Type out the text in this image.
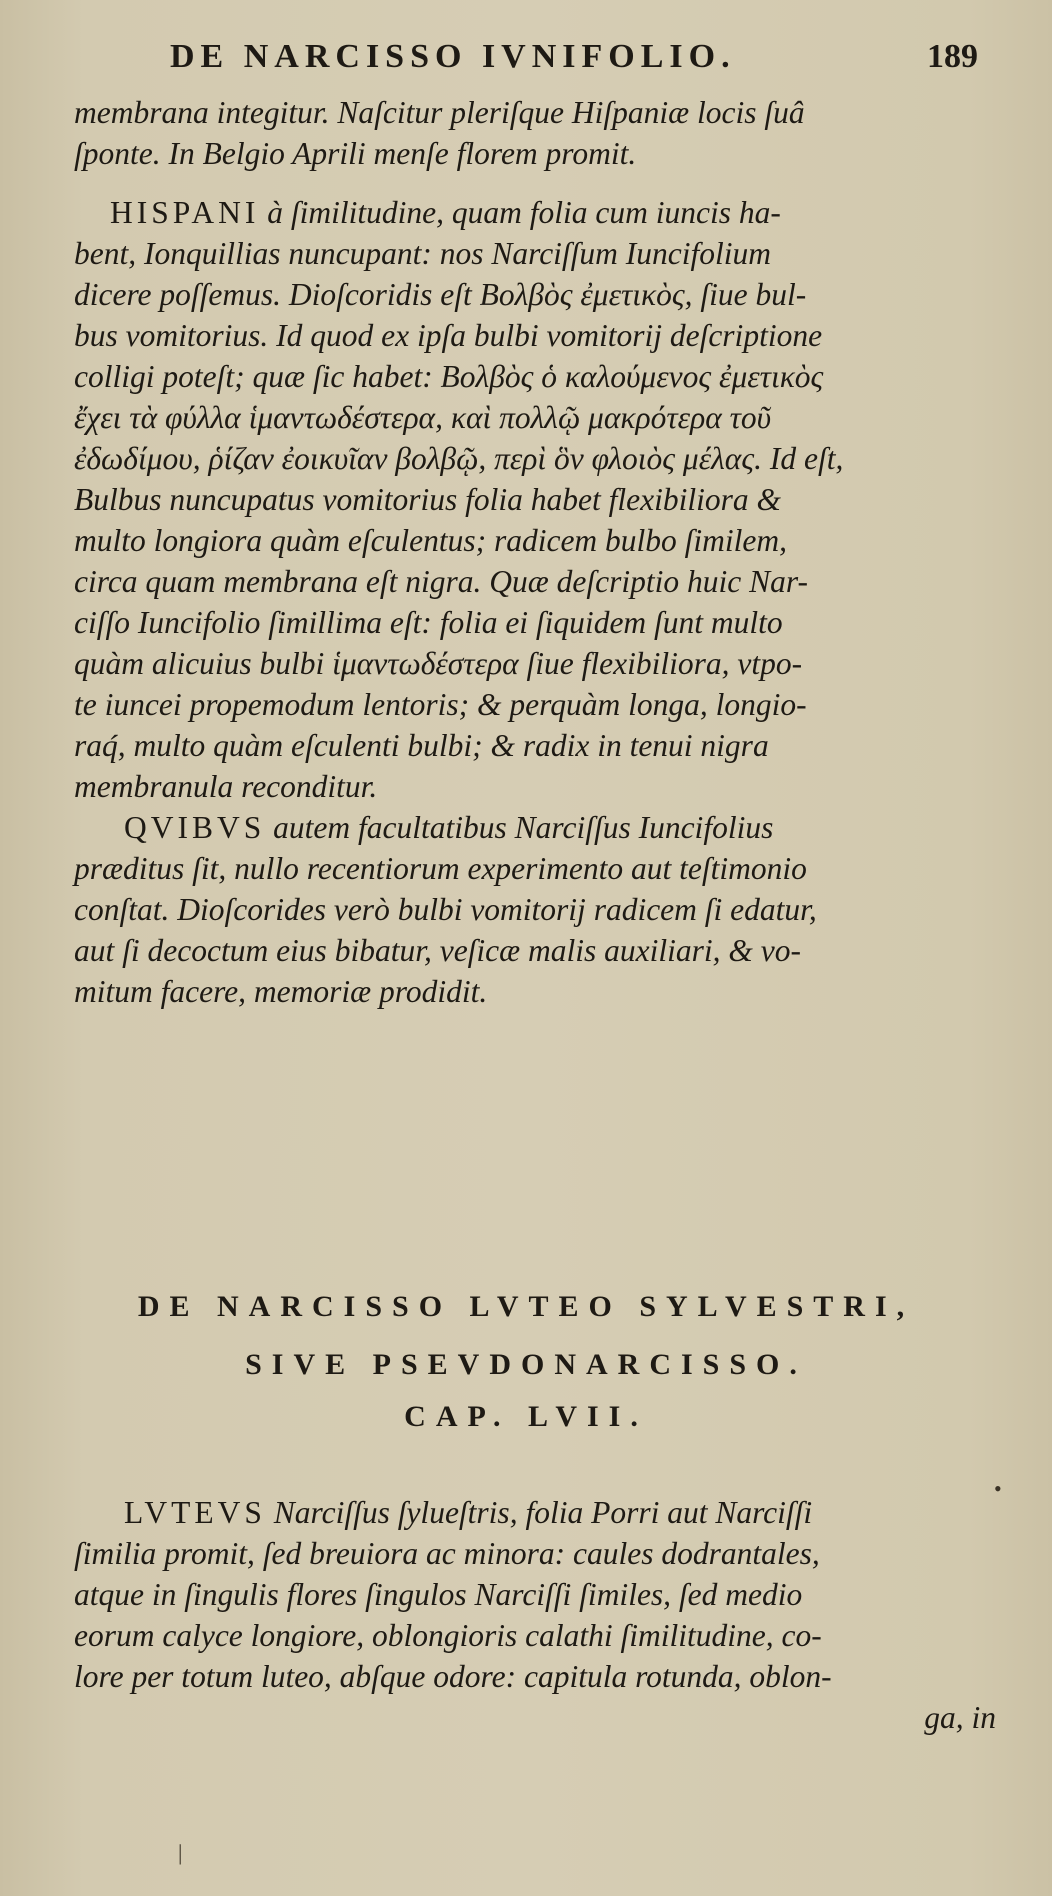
DE NARCISSO IVNIFOLIO.	189
membrana integitur. Naſcitur pleriſque Hiſpaniæ locis ſuâ
ſponte. In Belgio Aprili menſe florem promit.
HISPANI à ſimilitudine, quam folia cum iuncis ha-
bent, Ionquillias nuncupant: nos Narciſſum Iuncifolium
dicere poſſemus. Dioſcoridis eſt Βολβὸς ἐμετικὸς, ſiue bul-
bus vomitorius. Id quod ex ipſa bulbi vomitorij deſcriptione
colligi poteſt; quæ ſic habet: Βολβὸς ὁ καλούμενος ἐμετικὸς
ἔχει τὰ φύλλα ἱμαντωδέστερα, καὶ πολλῷ μακρότερα τοῦ
ἐδωδίμου, ῥίζαν ἐοικυῖαν βολβῷ, περὶ ὃν φλοιὸς μέλας. Id eſt,
Bulbus nuncupatus vomitorius folia habet flexibiliora &
multo longiora quàm eſculentus; radicem bulbo ſimilem,
circa quam membrana eſt nigra. Quæ deſcriptio huic Nar-
ciſſo Iuncifolio ſimillima eſt: folia ei ſiquidem ſunt multo
quàm alicuius bulbi ἱμαντωδέστερα ſiue flexibiliora, vtpo-
te iuncei propemodum lentoris; & perquàm longa, longio-
raq́, multo quàm eſculenti bulbi; & radix in tenui nigra
membranula reconditur.
QVIBVS autem facultatibus Narciſſus Iuncifolius
præditus ſit, nullo recentiorum experimento aut teſtimonio
conſtat. Dioſcorides verò bulbi vomitorij radicem ſi edatur,
aut ſi decoctum eius bibatur, veſicæ malis auxiliari, & vo-
mitum facere, memoriæ prodidit.
DE NARCISSO LVTEO SYLVESTRI,
SIVE PSEVDONARCISSO.
CAP. LVII.
LVTEVS Narciſſus ſylueſtris, folia Porri aut Narciſſi
ſimilia promit, ſed breuiora ac minora: caules dodrantales,
atque in ſingulis flores ſingulos Narciſſi ſimiles, ſed medio
eorum calyce longiore, oblongioris calathi ſimilitudine, co-
lore per totum luteo, abſque odore: capitula rotunda, oblon-
ga, in
•
|
